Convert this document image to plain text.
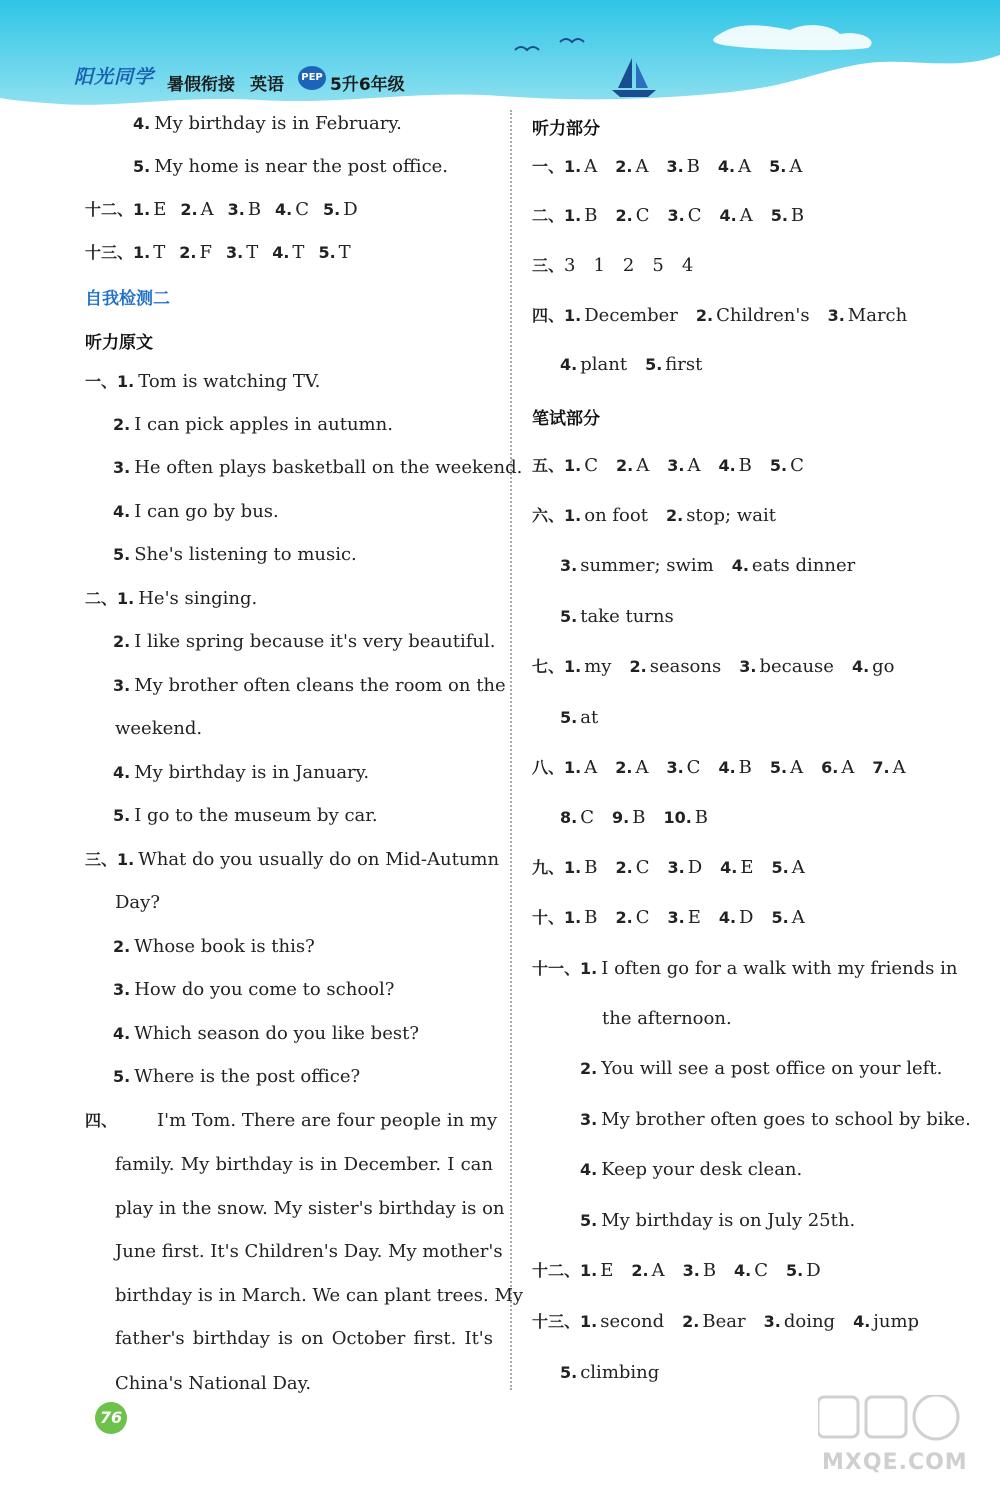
阳光同学 暑假衔接 英语	PEP 5升6年级
76
MXQE.COM
4. My birthday is in February.
5. My home is near the post office.
十二、1. E 2. A 3. B 4. C 5. D
十三、1. T 2. F 3. T 4. T 5. T
自我检测二
听力原文
一、1. Tom is watching TV.
2. I can pick apples in autumn.
3. He often plays basketball on the weekend.
4. I can go by bus.
5. She's listening to music.
二、1. He's singing.
2. I like spring because it's very beautiful.
3. My brother often cleans the room on the
weekend.
4. My birthday is in January.
5. I go to the museum by car.
三、1. What do you usually do on Mid-Autumn
Day?
2. Whose book is this?
3. How do you come to school?
4. Which season do you like best?
5. Where is the post office?
四、 I'm Tom. There are four people in my
family. My birthday is in December. I can
play in the snow. My sister's birthday is on
June first. It's Children's Day. My mother's
birthday is in March. We can plant trees. My
father's birthday is on October first. It's
China's National Day.
听力部分
一、1. A 2. A 3. B 4. A 5. A
二、1. B 2. C 3. C 4. A 5. B
三、3　1　2　5　4
四、1. December 2. Children's 3. March
4. plant 5. first
笔试部分
五、1. C 2. A 3. A 4. B 5. C
六、1. on foot 2. stop; wait
3. summer; swim 4. eats dinner
5. take turns
七、1. my 2. seasons 3. because 4. go
5. at
八、1. A 2. A 3. C 4. B 5. A 6. A 7. A
8. C 9. B 10. B
九、1. B 2. C 3. D 4. E 5. A
十、1. B 2. C 3. E 4. D 5. A
十一、1. I often go for a walk with my friends in
the afternoon.
2. You will see a post office on your left.
3. My brother often goes to school by bike.
4. Keep your desk clean.
5. My birthday is on July 25th.
十二、1. E 2. A 3. B 4. C 5. D
十三、1. second 2. Bear 3. doing 4. jump
5. climbing
